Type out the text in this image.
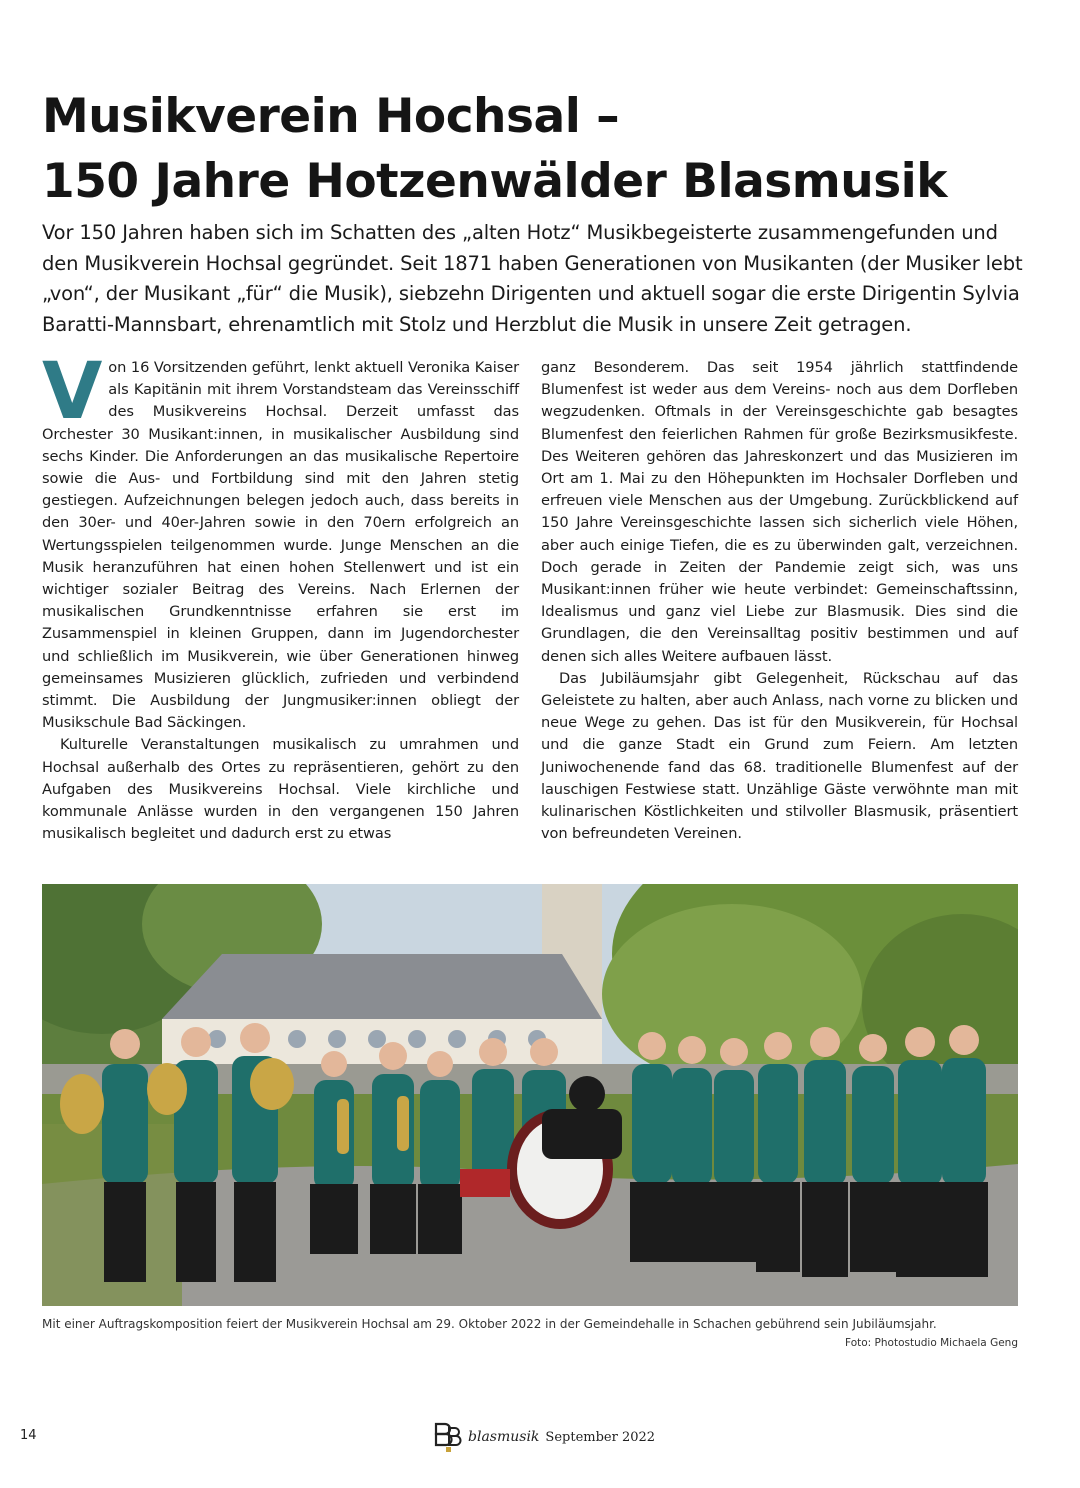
Musikverein Hochsal –
150 Jahre Hotzenwälder Blasmusik

Vor 150 Jahren haben sich im Schatten des „alten Hotz“ Musikbegeisterte zusammengefunden und den Musikverein Hochsal gegründet. Seit 1871 haben Generationen von Musikanten (der Musiker lebt „von“, der Musikant „für“ die Musik), siebzehn Dirigenten und aktuell sogar die erste Dirigentin Sylvia Baratti-Mannsbart, ehrenamtlich mit Stolz und Herzblut die Musik in unsere Zeit getragen.

Von 16 Vorsitzenden geführt, lenkt aktuell Veronika Kaiser als Kapitänin mit ihrem Vorstandsteam das Vereinsschiff des Musikvereins Hochsal. Derzeit umfasst das Orchester 30 Musikant:innen, in musikalischer Ausbildung sind sechs Kinder. Die Anforderungen an das musikalische Repertoire sowie die Aus- und Fortbildung sind mit den Jahren stetig gestiegen. Aufzeichnungen belegen jedoch auch, dass bereits in den 30er- und 40er-Jahren sowie in den 70ern erfolgreich an Wertungsspielen teilgenommen wurde. Junge Menschen an die Musik heranzuführen hat einen hohen Stellenwert und ist ein wichtiger sozialer Beitrag des Vereins. Nach Erlernen der musikalischen Grundkenntnisse erfahren sie erst im Zusammenspiel in kleinen Gruppen, dann im Jugendorchester und schließlich im Musikverein, wie über Generationen hinweg gemeinsames Musizieren glücklich, zufrieden und verbindend stimmt. Die Ausbildung der Jungmusiker:innen obliegt der Musikschule Bad Säckingen.

Kulturelle Veranstaltungen musikalisch zu umrahmen und Hochsal außerhalb des Ortes zu repräsentieren, gehört zu den Aufgaben des Musikvereins Hochsal. Viele kirchliche und kommunale Anlässe wurden in den vergangenen 150 Jahren musikalisch begleitet und dadurch erst zu etwas

ganz Besonderem. Das seit 1954 jährlich stattfindende Blumenfest ist weder aus dem Vereins- noch aus dem Dorfleben wegzudenken. Oftmals in der Vereinsgeschichte gab besagtes Blumenfest den feierlichen Rahmen für große Bezirksmusikfeste. Des Weiteren gehören das Jahreskonzert und das Musizieren im Ort am 1. Mai zu den Höhepunkten im Hochsaler Dorfleben und erfreuen viele Menschen aus der Umgebung. Zurückblickend auf 150 Jahre Vereinsgeschichte lassen sich sicherlich viele Höhen, aber auch einige Tiefen, die es zu überwinden galt, verzeichnen. Doch gerade in Zeiten der Pandemie zeigt sich, was uns Musikant:innen früher wie heute verbindet: Gemeinschaftssinn, Idealismus und ganz viel Liebe zur Blasmusik. Dies sind die Grundlagen, die den Vereinsalltag positiv bestimmen und auf denen sich alles Weitere aufbauen lässt.

Das Jubiläumsjahr gibt Gelegenheit, Rückschau auf das Geleistete zu halten, aber auch Anlass, nach vorne zu blicken und neue Wege zu gehen. Das ist für den Musikverein, für Hochsal und die ganze Stadt ein Grund zum Feiern. Am letzten Juniwochenende fand das 68. traditionelle Blumenfest auf der lauschigen Festwiese statt. Unzählige Gäste verwöhnte man mit kulinarischen Köstlichkeiten und stilvoller Blasmusik, präsentiert von befreundeten Vereinen.

Mit einer Auftragskomposition feiert der Musikverein Hochsal am 29. Oktober 2022 in der Gemeindehalle in Schachen gebührend sein Jubiläumsjahr.
Foto: Photostudio Michaela Geng
14	blasmusik September 2022
